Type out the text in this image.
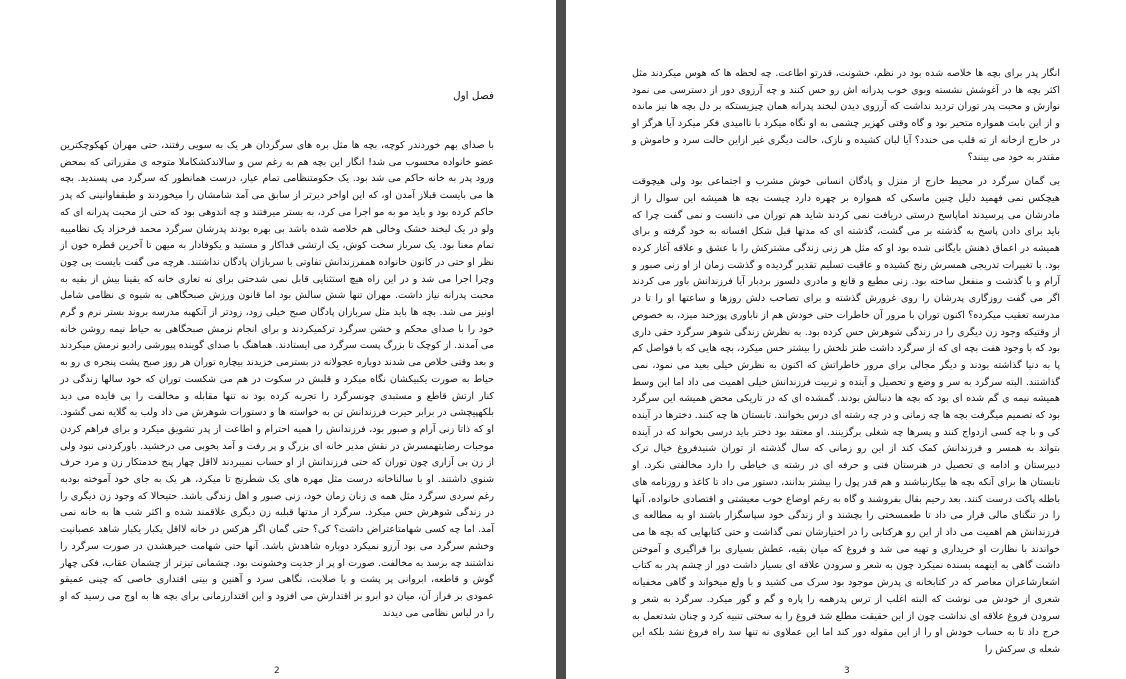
فصل اول

با صدای بهم خوردندر کوچه، بچه ها مثل بره های سرگردان هر یک به سویی رفتند، حتی مهران کهکوچکترین عضو خانواده محسوب می شد! انگار این بچه هم به رغم سن و سالاندکشکاملا متوجه ی مقرراتی که بمحض ورود پدر به خانه حاکم می شد بود. یک حکومتنظامی تمام عیار، درست همانطور که سرگرد می پسندید. بچه ها می بایست قبلاز آمدن او، که این اواخر دیرتر از سابق می آمد شامشان را میخوردند و طبقفاوانینی که پدر حاکم کرده بود و باید مو به مو اجرا می کرد، به بستر میرفتند و چه اندوهی بود که حتی از محبت پدرانه ای که ولو در یک لبخند خشک وخالی هم خلاصه شده باشد بی بهره بودند پدرشان سرگرد محمد فرخزاد یک نظامیبه تمام معنا بود. یک سرباز سخت کوش، یک ارتشی فداکار و مستبد و یکوفادار به میهن تا آخرین قطره خون از نظر او حتی در کانون خانواده همفرزندانش تفاوتی با سربازان پادگان نداشتند. هرچه می گفت بایست بی چون وچرا اجرا می شد و در این راه هیچ استثنایی قابل نمی شدحتی برای نه تعاری خانه که یقینا بیش از بقیه به محبت پدرانه نیاز داشت. مهران تنها شش سالش بود اما قانون ورزش صبحگاهی به شیوه ی نظامی شامل اونیز می شد. بچه ها باید مثل سربازان پادگان صبح خیلی زود، زودتر از آنکهبه مدرسه بروند بستر نرم و گرم خود را با صدای محکم و خشن سرگرد ترکمیکردند و برای انجام نرمش صبحگاهی به حیاط نیمه روشن خانه می آمدند. از کوچک تا بزرگ پست سرگرد می ایستادند. هماهنگ با صدای گوینده پیورشی رادیو نرمش میکردند و بعد وقتی خلاص می شدند دوباره عجولانه در بسترمی خزیدند بیچاره توران هر روز صبح پشت پنجره ی رو به حیاط به صورت یکبیکشان نگاه میکرد و قلبش در سکوت در هم می شکست توران که خود سالها زندگی در کنار ارتش قاطع و مستبدی چونسرگرد را تجربه کرده بود نه تنها مقابله و مخالفت را بی فایده می دید بلکهپیچشی در برابر حیرت فرزندانش تن به خواسته ها و دستورات شوهرش می داد ولب به گلایه نمی گشود. او که ذاتا زنی آرام و صبور بود، فرزندانش را همیه احترام و اطاعت از پدر تشویق میکرد و برای فراهم کردن موجبات رضایتهمسرش در نقش مدیر خانه ای بزرگ و پر رفت و آمد بخوبی می درخشید. باورکردنی نبود ولی از زن بی آزاری چون توران که حتی فرزندانش از او حساب نمیبردند لااقل چهار پنج خدمتکار زن و مرد حرف شنوی داشتند. او با سالناخانه درست مثل مهره های یک شطرنج تا میکرد، هر یک به جای خود آموخته بودبه رغم سردی سرگرد مثل همه ی زنان زمان خود، زنی صبور و اهل زندگی باشد. حتیحالا که وجود زن دیگری را در زندگی شوهرش حس میکرد. سرگرد از مدتها قبلبه زن دیگری علاقمند شده و اکثر شب ها به خانه نمی آمد. اما چه کسی شهامتاعتراض داشت؟ کی؟ حتی گمان اگر هرکس در خانه لااقل یکبار یکبار شاهد عصبانیت وخشم سرگرد می بود آرزو نمیکرد دوباره شاهدش باشد. آنها حتی شهامت خیرهشدن در صورت سرگرد را نداشتند چه برسد به مخالفت. صورت او پر از جدیت وخشونت بود. چشمانی تیزتر از چشمان عقاب، فکی چهار گوش و قاطعه، ابروانی پر پشت و با صلابت، نگاهی سرد و آهنین و بینی اقتداری خاصی که چینی عمیقو عمودی بر فراز آن، میان دو ابرو بر اقتدارش می افزود و این اقتدارزمانی برای بچه ها به اوج می رسید که او را در لباس نظامی می دیدند

2

انگار پدر برای بچه ها خلاصه شده بود در نظم، خشونت، قدرتو اطاعت. چه لحظه ها که هوس میکردند مثل اکثر بچه ها در آغوشش نشسته وبوی خوب پدرانه اش رو حس کنند و چه آرزوی دور از دسترسی می نمود نوازش و محبت پدر توران تردید نداشت که آرزوی دیدن لبخند پدرانه همان چیزیستکه بر دل بچه ها نیز مانده و از این بابت همواره متحیر بود و گاه وقتی کهزیر چشمی به او نگاه میکرد با ناامیدی فکر میکرد آیا هرگز او در خارج ازخانه از ته قلب می خندد؟ آیا لبان کشیده و نازک، حالت دیگری غیر ازاین حالت سرد و خاموش و مقتدر به خود می بینند؟

بی گمان سرگرد در محیط خارج از منزل و پادگان انسانی خوش مشرب و اجتماعی بود ولی هیچوقت هیچکس نمی فهمید دلیل چنین ماسکی که همواره بر چهره دارد چیست بچه ها همیشه این سوال را از مادرشان می پرسیدند اماپاسخ درستی دریافت نمی کردند شاید هم توران می دانست و نمی گفت چرا که باید برای دادن پاسخ به گذشته بر می گشت، گذشته ای که مدتها قبل شکل افسانه به خود گرفته و برای همیشه در اعماق ذهنش بایگانی شده بود او که مثل هر زنی زندگی مشترکش را با عشق و علاقه آغاز کرده بود. با تغییرات تدریجی همسرش رنج کشیده و عاقبت تسلیم تقدیر گردیده و گذشت زمان از او زنی صبور و آرام و با گذشت و منفعل ساخته بود. زنی مطیع و قانع و مادری دلسوز بردبار آیا فرزندانش باور می کردند اگر می گفت روزگاری پدرشان را روی غرورش گذشته و برای تصاحب دلش روزها و ساعتها او را تا در مدرسه تعقیب میکرده؟ اکنون توران با مرور آن خاطرات حتی خودش هم از ناباوری پوزخند میزد، به خصوص از وقتیکه وجود زن دیگری را در زندگی شوهرش حس کرده بود. به نظرش زندگی شوهر سرگرد حقی داری بود که با وجود هفت بچه ای که از سرگرد داشت طنز تلخش را بیشتر حس میکرد، بچه هایی که با فواصل کم پا به دنیا گذاشته بودند و دیگر مجالی برای مرور خاطراتش که اکنون به نظرش خیلی بعید می نمود، نمی گذاشتند. البته سرگرد به سر و وضع و تحصیل و آینده و تربیت فرزندانش خیلی اهمیت می داد اما این وسط همیشه نیمه ی گم شده ای بود که بچه ها دنبالش بودند. گمشده ای که در تاریکی محض همیشه این سرگرد بود که تصمیم میگرفت بچه ها چه زمانی و در چه رشته ای درس بخوانند. تابستان ها چه کنند. دخترها در آینده کی و با چه کسی ازدواج کنند و پسرها چه شغلی برگزینند. او معتقد بود دختر باید درسی بخواند که در آینده بتواند به همسر و فرزندانش کمک کند از این رو زمانی که سال گذشته از توران شنیدفروغ خیال ترک دبیرستان و ادامه ی تحصیل در هنرستان فنی و حرفه ای در رشته ی خیاطی را دارد مخالفتی نکرد. او تابستان ها برای آنکه بچه ها بیکارنباشند و هم قدر پول را بیشتر بدانند، دستور می داد تا کاغذ و روزنامه های باطله پاکت درست کنند. بعد رحیم بقال بفروشند و گاه به رغم اوضاع خوب معیشتی و اقتصادی خانواده، آنها را در تنگنای مالی قرار می داد تا طعمسختی را بچشند و از زندگی خود سپاسگزار باشند او به مطالعه ی فرزندانش هم اهمیت می داد از این رو هرکتابی را در اختیارشان نمی گذاشت و حتی کتابهایی که بچه ها می خواندند با نظارت او خریداری و تهیه می شد و فروغ که میان بقیه، عطش بسیاری برا فراگیری و آموختن داشت گاهی به اینهمه بسنده نمیکرد چون به شعر و سرودن علاقه ای بسیار داشت دور از چشم پدر به کتاب اشعارشاعران معاصر که در کتابخانه ی پدرش موجود بود سرک می کشید و با ولع میخواند و گاهی مخفیانه شعری از خودش می نوشت که البته اغلب از ترس پدرهمه را پاره و گم و گور میکرد. سرگرد به شعر و سرودن فروغ علاقه ای نداشت چون از این حقیقت مطلع شد فروغ را به سختی تنبیه کرد و چنان شدتعمل به خرج داد تا به حساب خودش او را از این مقوله دور کند اما این عملاوی نه تنها سد راه فروغ نشد بلکه این شعله ی سرکش را

3
